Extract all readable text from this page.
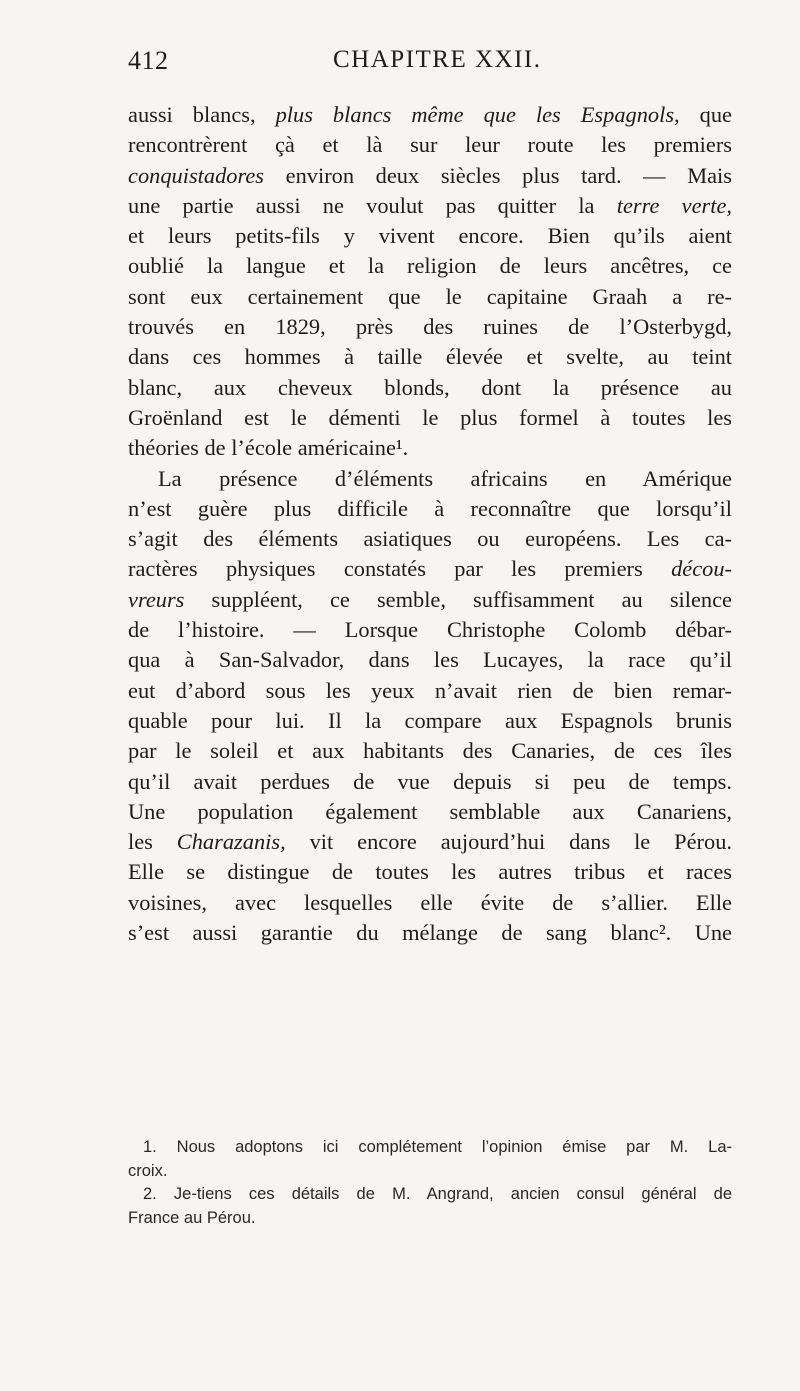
412	CHAPITRE XXII.
aussi blancs, plus blancs même que les Espagnols, que
rencontrèrent çà et là sur leur route les premiers
conquistadores environ deux siècles plus tard. — Mais
une partie aussi ne voulut pas quitter la terre verte,
et leurs petits-fils y vivent encore. Bien qu’ils aient
oublié la langue et la religion de leurs ancêtres, ce
sont eux certainement que le capitaine Graah a re-
trouvés en 1829, près des ruines de l’Osterbygd,
dans ces hommes à taille élevée et svelte, au teint
blanc, aux cheveux blonds, dont la présence au
Groënland est le démenti le plus formel à toutes les
théories de l’école américaine¹.
La présence d’éléments africains en Amérique
n’est guère plus difficile à reconnaître que lorsqu’il
s’agit des éléments asiatiques ou européens. Les ca-
ractères physiques constatés par les premiers décou-
vreurs suppléent, ce semble, suffisamment au silence
de l’histoire. — Lorsque Christophe Colomb débar-
qua à San-Salvador, dans les Lucayes, la race qu’il
eut d’abord sous les yeux n’avait rien de bien remar-
quable pour lui. Il la compare aux Espagnols brunis
par le soleil et aux habitants des Canaries, de ces îles
qu’il avait perdues de vue depuis si peu de temps.
Une population également semblable aux Canariens,
les Charazanis, vit encore aujourd’hui dans le Pérou.
Elle se distingue de toutes les autres tribus et races
voisines, avec lesquelles elle évite de s’allier. Elle
s’est aussi garantie du mélange de sang blanc². Une
1. Nous adoptons ici complétement l’opinion émise par M. La-
croix.
2. Je-tiens ces détails de M. Angrand, ancien consul général de
France au Pérou.
